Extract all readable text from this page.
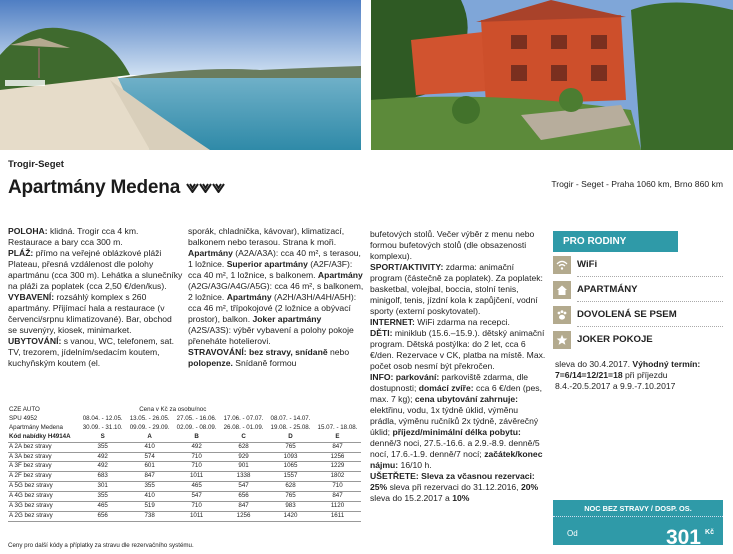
Trogir-Seget
Apartmány Medena	Trogir - Seget - Praha 1060 km, Brno 860 km

POLOHA: klidná. Trogir cca 4 km. Restaurace a bary cca 300 m.

PLÁŽ: přímo na veřejné oblázkové pláži Plateau, přesná vzdálenost dle polohy apartmánu (cca 300 m). Lehátka a slunečníky na pláži za poplatek (cca 2,50 €/den/kus).

VYBAVENÍ: rozsáhlý komplex s 260 apartmány. Přijímací hala a restaurace (v červenci/srpnu klimatizované). Bar, obchod se suvenýry, kiosek, minimarket.

UBYTOVÁNÍ: s vanou, WC, telefonem, sat. TV, trezorem, jídelním/sedacím koutem, kuchyňským koutem (el.

sporák, chladnička, kávovar), klimatizací, balkonem nebo terasou. Strana k moři. Apartmány (A2A/A3A): cca 40 m², s terasou, 1 ložnice. Superior apartmány (A2F/A3F): cca 40 m², 1 ložnice, s balkonem. Apartmány (A2G/A3G/A4G/A5G): cca 46 m², s balkonem, 2 ložnice. Apartmány (A2H/A3H/A4H/A5H): cca 46 m², třípokojové (2 ložnice a obývací prostor), balkon. Joker apartmány (A2S/A3S): výběr vybavení a polohy pokoje přeneháte hotelierovi.

STRAVOVÁNÍ: bez stravy, snídaně nebo polopenze. Snídaně formou

bufetových stolů. Večer výběr z menu nebo formou bufetových stolů (dle obsazenosti komplexu).

SPORT/AKTIVITY: zdarma: animační program (částečně za poplatek). Za poplatek: basketbal, volejbal, boccia, stolní tenis, minigolf, tenis, jízdní kola k zapůjčení, vodní sporty (externí poskytovatel).

INTERNET: WiFi zdarma na recepci.

DĚTI: miniklub (15.6.–15.9.). dětský animační program. Dětská postýlka: do 2 let, cca 6 €/den. Rezervace v CK, platba na místě. Max. počet osob nesmí být překročen.

INFO: parkování: parkoviště zdarma, dle dostupnosti; domácí zvíře: cca 6 €/den (pes, max. 7 kg); cena ubytování zahrnuje: elektřinu, vodu, 1x týdně úklid, výměnu prádla, výměnu ručníků 2x týdně, závěrečný úklid; příjezd/minimální délka pobytu: denně/3 noci, 27.5.-16.6. a 2.9.-8.9. denně/5 nocí, 17.6.-1.9. denně/7 nocí; začátek/konec nájmu: 16/10 h.

UŠETŘETE: Sleva za včasnou rezervaci: 25% sleva při rezervaci do 31.12.2016, 20% sleva do 15.2.2017 a 10%

PRO RODINY
WiFi
APARTMÁNY
DOVOLENÁ SE PSEM
JOKER POKOJE
sleva do 30.4.2017. Výhodný termín: 7=6/14=12/21=18 při příjezdu 8.4.-20.5.2017 a 9.9.-7.10.2017
NOC BEZ STRAVY / DOSP. OS.
Od	301 Kč
CZE AUTO	Cena v Kč za osobu/noc					
SPU 4952	08.04. - 12.05.	13.05. - 26.05.	27.05. - 16.06.	17.06. - 07.07.	08.07. - 14.07.	
Apartmány Medena	30.09. - 31.10.	09.09. - 29.09.	02.09. - 08.09.	26.08. - 01.09.	19.08. - 25.08.	15.07. - 18.08.
Kód nabídky H4914A	S	A	B	C	D	E
A 2A bez stravy	355	410	492	628	765	847
A 3A bez stravy	492	574	710	929	1093	1256
A 3F bez stravy	492	601	710	901	1065	1229
A 2F bez stravy	683	847	1011	1338	1557	1802
A 5G bez stravy	301	355	465	547	628	710
A 4G bez stravy	355	410	547	656	765	847
A 3G bez stravy	465	519	710	847	983	1120
A 2G bez stravy	656	738	1011	1256	1420	1611
Ceny pro další kódy a příplatky za stravu dle rezervačního systému.
